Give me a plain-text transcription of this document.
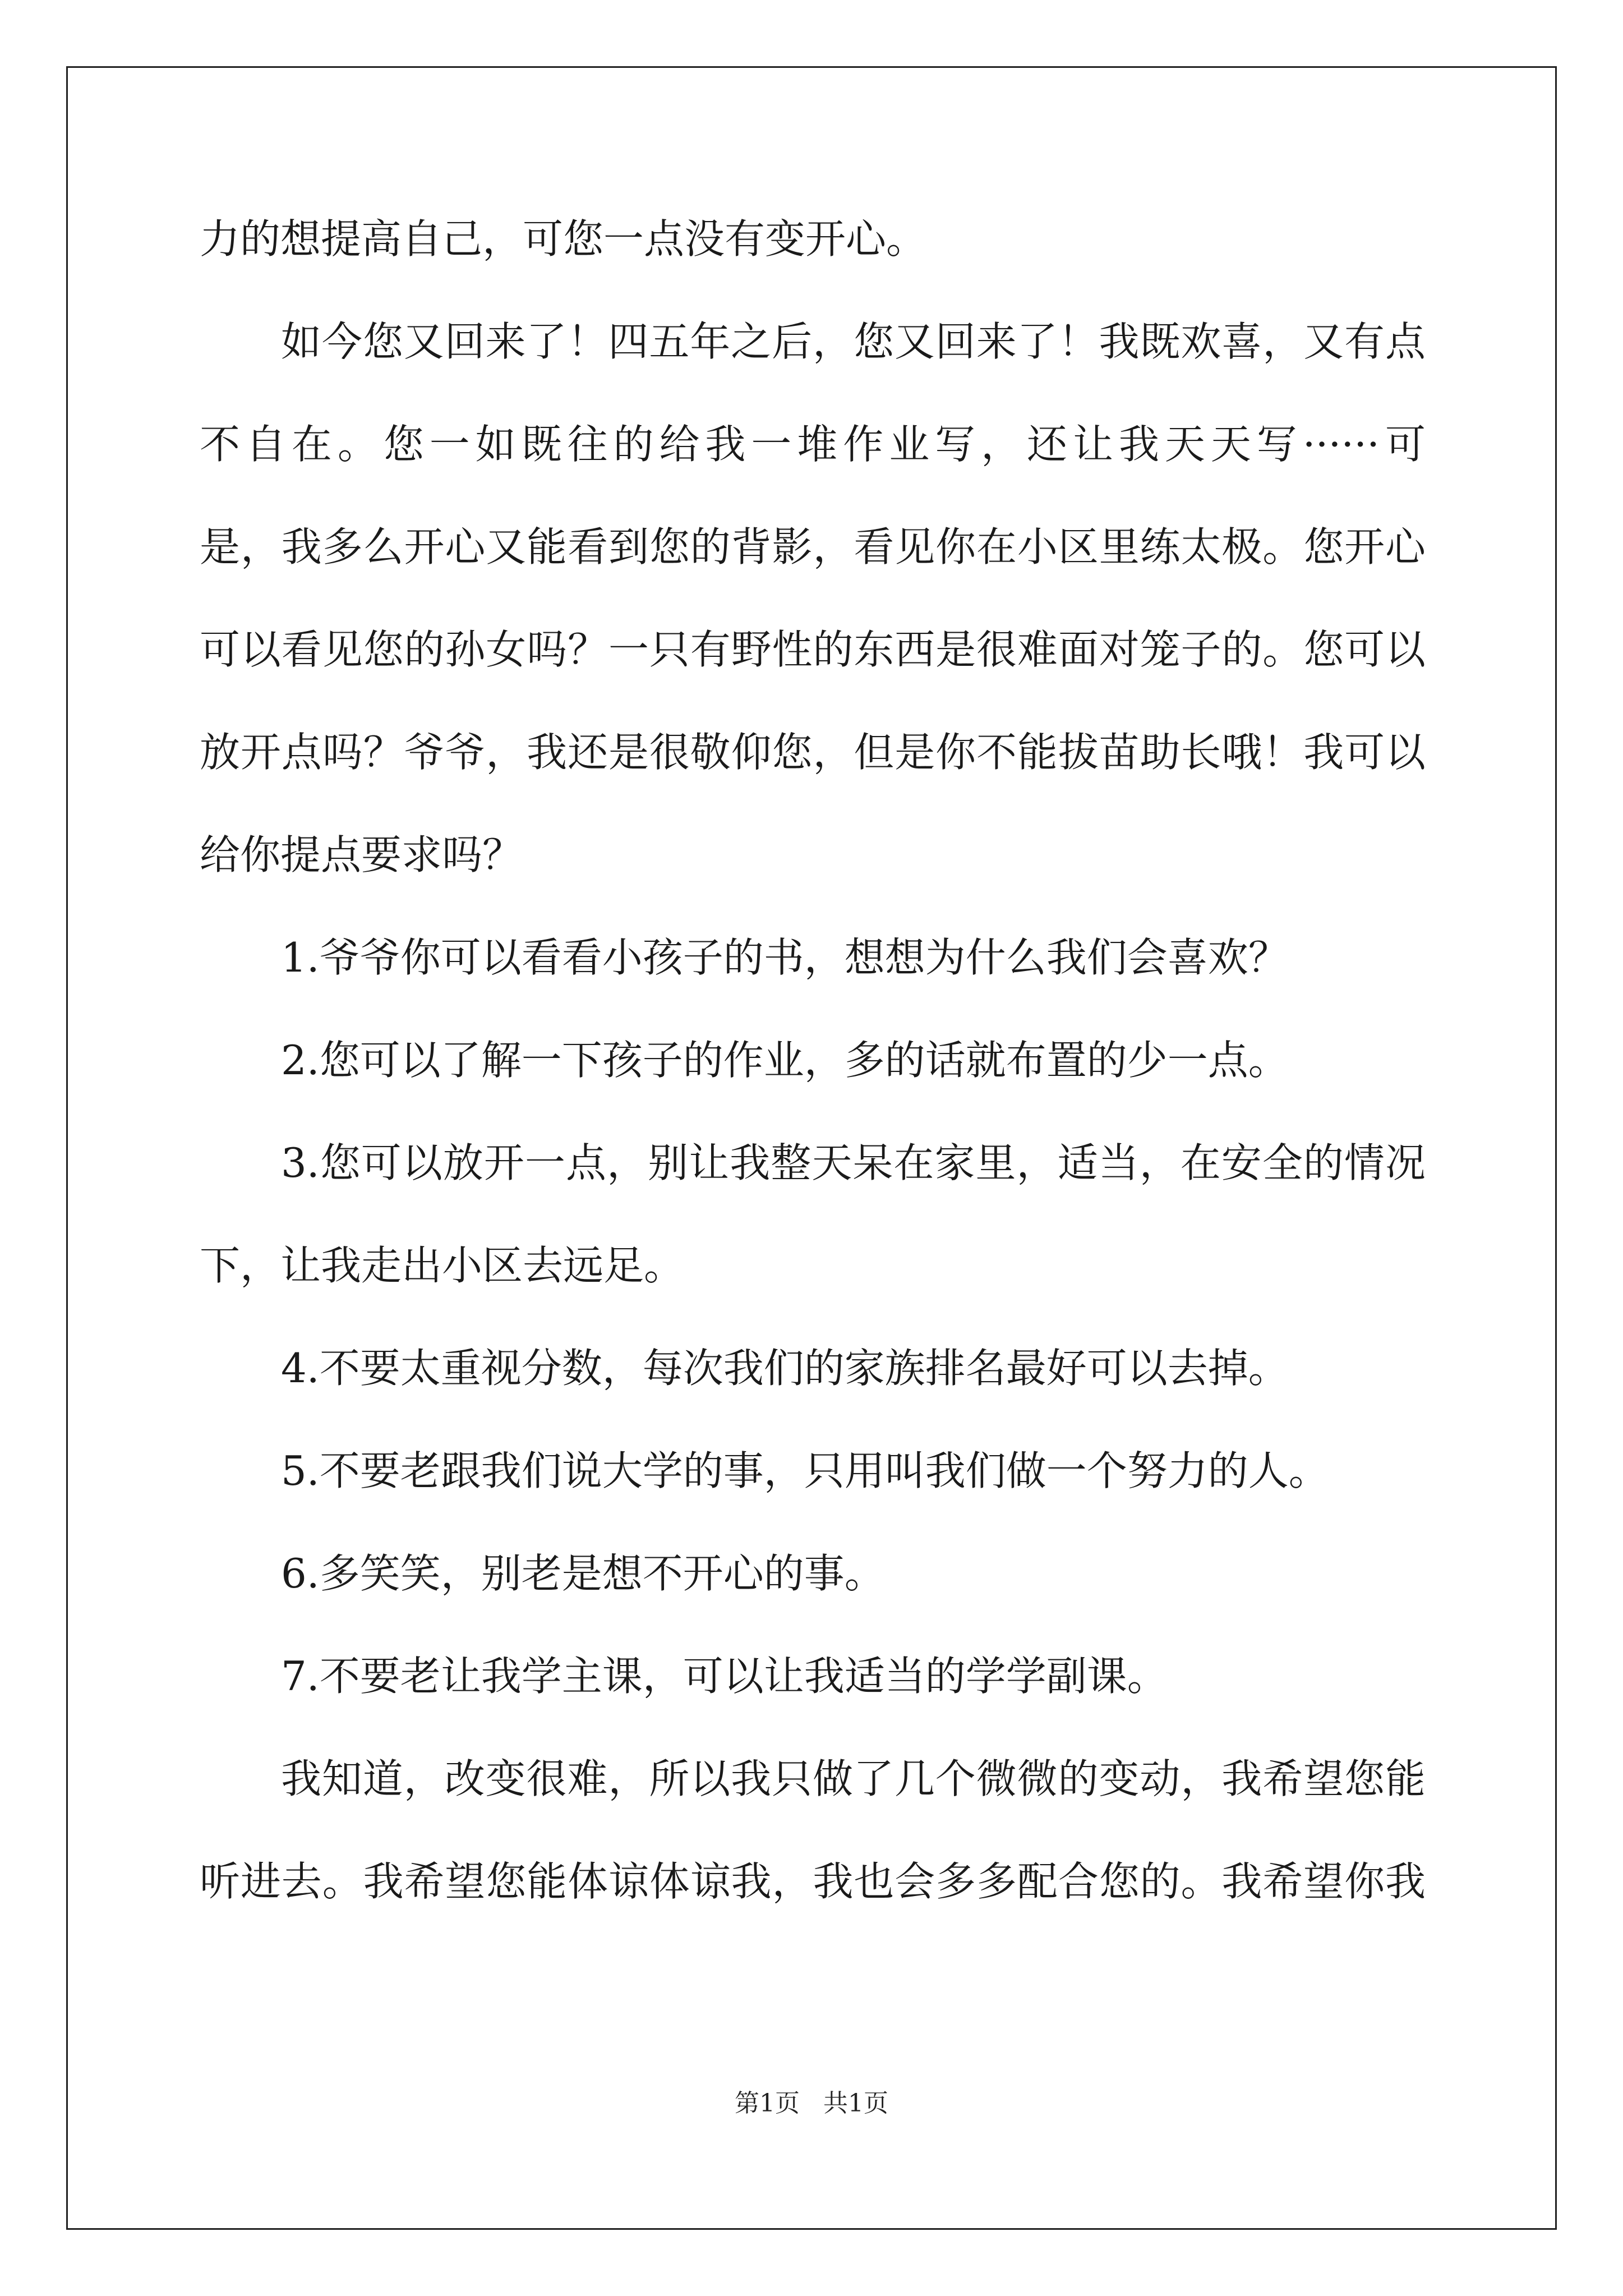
力的想提高自己，可您一点没有变开心。
如今您又回来了！四五年之后，您又回来了！我既欢喜，又有点
不自在。您一如既往的给我一堆作业写，还让我天天写······可
是，我多么开心又能看到您的背影，看见你在小区里练太极。您开心
可以看见您的孙女吗？一只有野性的东西是很难面对笼子的。您可以
放开点吗？爷爷，我还是很敬仰您，但是你不能拔苗助长哦！我可以
给你提点要求吗？
1.爷爷你可以看看小孩子的书，想想为什么我们会喜欢？
2.您可以了解一下孩子的作业，多的话就布置的少一点。
3.您可以放开一点，别让我整天呆在家里，适当，在安全的情况
下，让我走出小区去远足。
4.不要太重视分数，每次我们的家族排名最好可以去掉。
5.不要老跟我们说大学的事，只用叫我们做一个努力的人。
6.多笑笑，别老是想不开心的事。
7.不要老让我学主课，可以让我适当的学学副课。
我知道，改变很难，所以我只做了几个微微的变动，我希望您能
听进去。我希望您能体谅体谅我，我也会多多配合您的。我希望你我
第1页 共1页
